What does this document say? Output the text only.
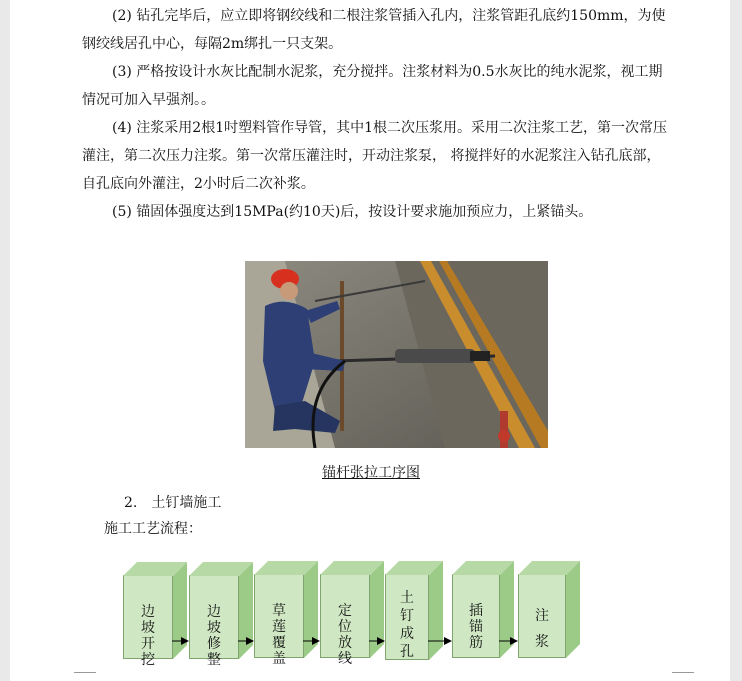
(2) 钻孔完毕后，应立即将钢绞线和二根注浆管插入孔内，注浆管距孔底约150mm，为使钢绞线居孔中心，每隔2m绑扎一只支架。

(3) 严格按设计水灰比配制水泥浆，充分搅拌。注浆材料为0.5水灰比的纯水泥浆，视工期情况可加入早强剂。。

(4) 注浆采用2根1吋塑料管作导管，其中1根二次压浆用。采用二次注浆工艺，第一次常压灌注，第二次压力注浆。第一次常压灌注时，开动注浆泵， 将搅拌好的水泥浆注入钻孔底部，自孔底向外灌注，2小时后二次补浆。

(5) 锚固体强度达到15MPa(约10天)后，按设计要求施加预应力，上紧锚头。

锚杆张拉工序图
2. 土钉墙施工
施工工艺流程：
边坡开挖
边坡修整
草莲覆盖
定位放线
土钉成孔
插锚筋
注浆
